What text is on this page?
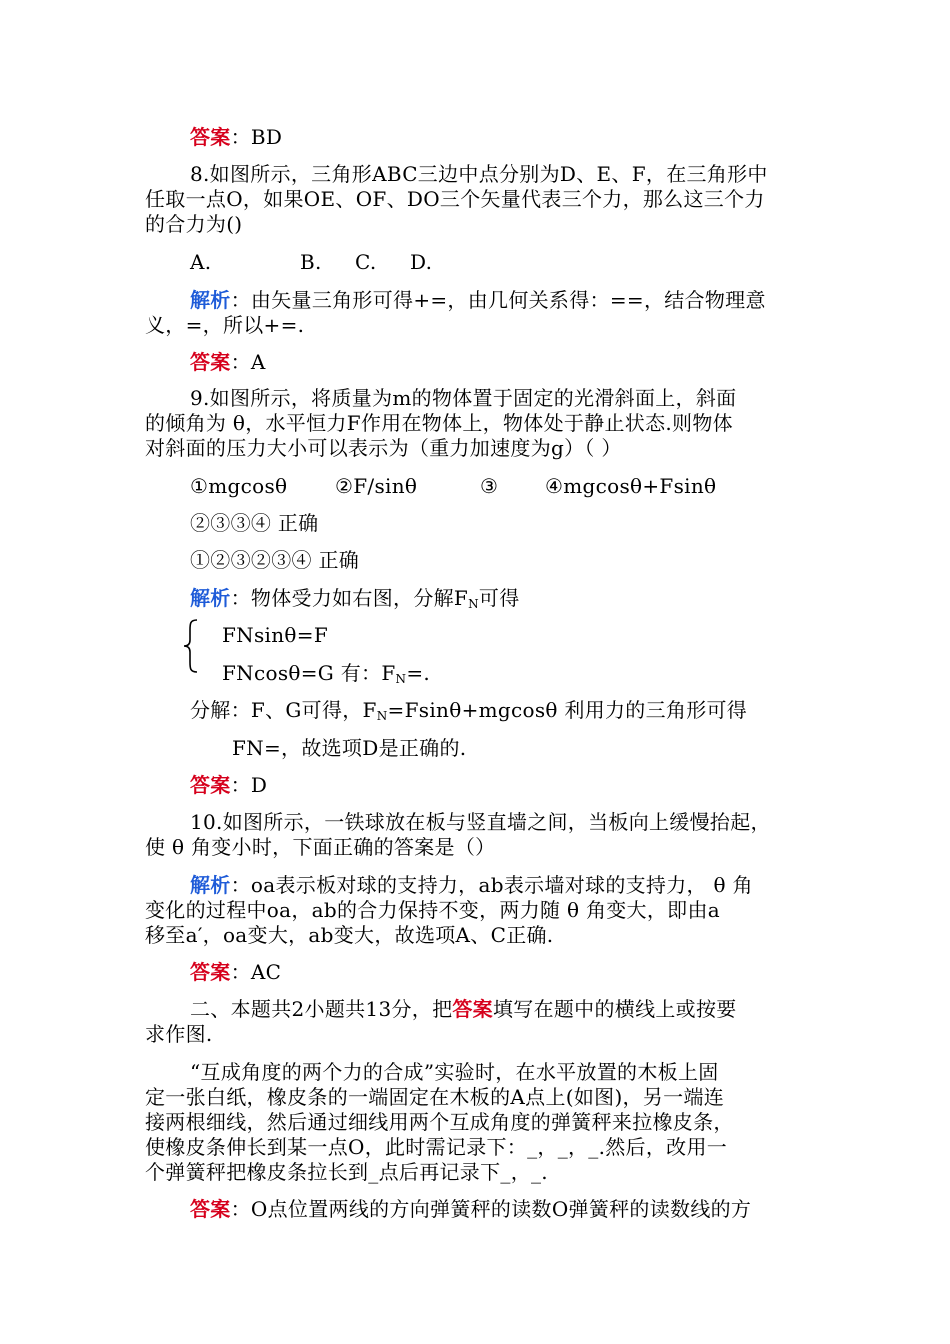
答案：BD
8.如图所示，三角形ABC三边中点分别为D、E、F，在三角形中
任取一点O，如果OE、OF、DO三个矢量代表三个力，那么这三个力
的合力为()
A.	B. C. D.
解析：由矢量三角形可得+=，由几何关系得：==，结合物理意
义，=，所以+=.
答案：A
9.如图所示，将质量为m的物体置于固定的光滑斜面上，斜面
的倾角为 θ，水平恒力F作用在物体上，物体处于静止状态.则物体
对斜面的压力大小可以表示为（重力加速度为g）（ ）
①mgcosθ ②F/sinθ	③ ④mgcosθ+Fsinθ
②③③④ 正确
①②③②③④ 正确
解析：物体受力如右图，分解$F_N$可得
FNsinθ=F
FNcosθ=G 有：$F_N=$.
分解：F、G可得，$F_N=Fsin\theta+mgcos\theta$ 利用力的三角形可得
FN=，故选项D是正确的.
答案：D
10.如图所示，一铁球放在板与竖直墙之间，当板向上缓慢抬起，
使 θ 角变小时，下面正确的答案是（）
解析：oa表示板对球的支持力，ab表示墙对球的支持力， θ 角
变化的过程中oa，ab的合力保持不变，两力随 θ 角变大，即由a
移至a′，oa变大，ab变大，故选项A、C正确.
答案：AC
二、本题共2小题共13分，把答案填写在题中的横线上或按要
求作图.
“互成角度的两个力的合成”实验时，在水平放置的木板上固
定一张白纸，橡皮条的一端固定在木板的A点上(如图)，另一端连
接两根细线，然后通过细线用两个互成角度的弹簧秤来拉橡皮条，
使橡皮条伸长到某一点O，此时需记录下：_，_，_.然后，改用一
个弹簧秤把橡皮条拉长到_点后再记录下_，_.
答案：O点位置两线的方向弹簧秤的读数O弹簧秤的读数线的方
